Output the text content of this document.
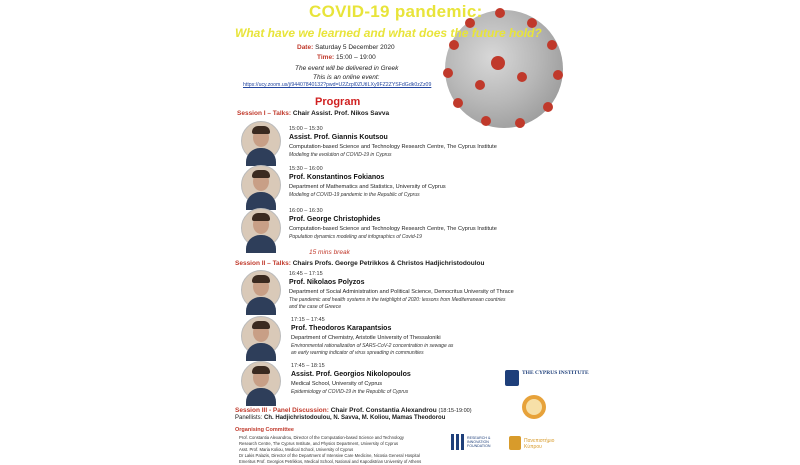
COVID-19 pandemic:
What have we learned and what does the future hold?
Date: Saturday 5 December 2020
Time: 15:00 – 19:00
The event will be delivered in Greek
This is an online event:
https://ucy.zoom.us/j/94407840132?pwd=U2Zzpl0ZUtILXy9FZ2ZYSFdGdk0zZz09
Program
Session I – Talks: Chair Assist. Prof. Nikos Savva
15:00 – 15:30
Assist. Prof. Giannis Koutsou
Computation-based Science and Technology Research Centre, The Cyprus Institute
Modeling the evolution of COVID-19 in Cyprus
15:30 – 16:00
Prof. Konstantinos Fokianos
Department of Mathematics and Statistics, University of Cyprus
Modeling of COVID-19 pandemic in the Republic of Cyprus
16:00 – 16:30
Prof. George Christophides
Computation-based Science and Technology Research Centre, The Cyprus Institute
Population dynamics modeling and infographics of Covid-19
15 mins break
Session II – Talks: Chairs Profs. George Petrikkos & Christos Hadjichristodoulou
16:45 – 17:15
Prof. Nikolaos Polyzos
Department of Social Administration and Political Science, Democritus University of Thrace
The pandemic and health systems in the twighlight of 2020: lessons from Mediterranean countries
and the case of Greece
17:15 – 17:45
Prof. Theodoros Karapantsios
Department of Chemistry, Aristotle University of Thessaloniki
Environmental rationalization of SARS-CoV-2 concentration in sewage as
an early warning indicator of virus spreading in communities
17:45 – 18:15
Assist. Prof. Georgios Nikolopoulos
Medical School, University of Cyprus
Epidemiology of COVID-19 in the Republic of Cyprus
Session III - Panel Discussion: Chair Prof. Constantia Alexandrou (18:15-19:00)
Panellists: Ch. Hadjichristodoulou, N. Savva, M. Koliou, Mamas Theodorou
Organising Committee
Prof. Constantia Alexandrou, Director of the Computation-based Science and Technology
Research Centre, The Cyprus Institute, and Physics Department, University of Cyprus
Asst. Prof. Maria Koliou, Medical School, University of Cyprus
Dr Lakis Palazis, Director of the Department of Intensive Care Medicine, Nicosia General Hospital
Emeritus Prof. Georgios Petrikkos, Medical School, National and Kapodistrian University of Athens
THE CYPRUS INSTITUTE
RESEARCH & INNOVATION FOUNDATION
Πανεπιστήμιο Κύπρου
